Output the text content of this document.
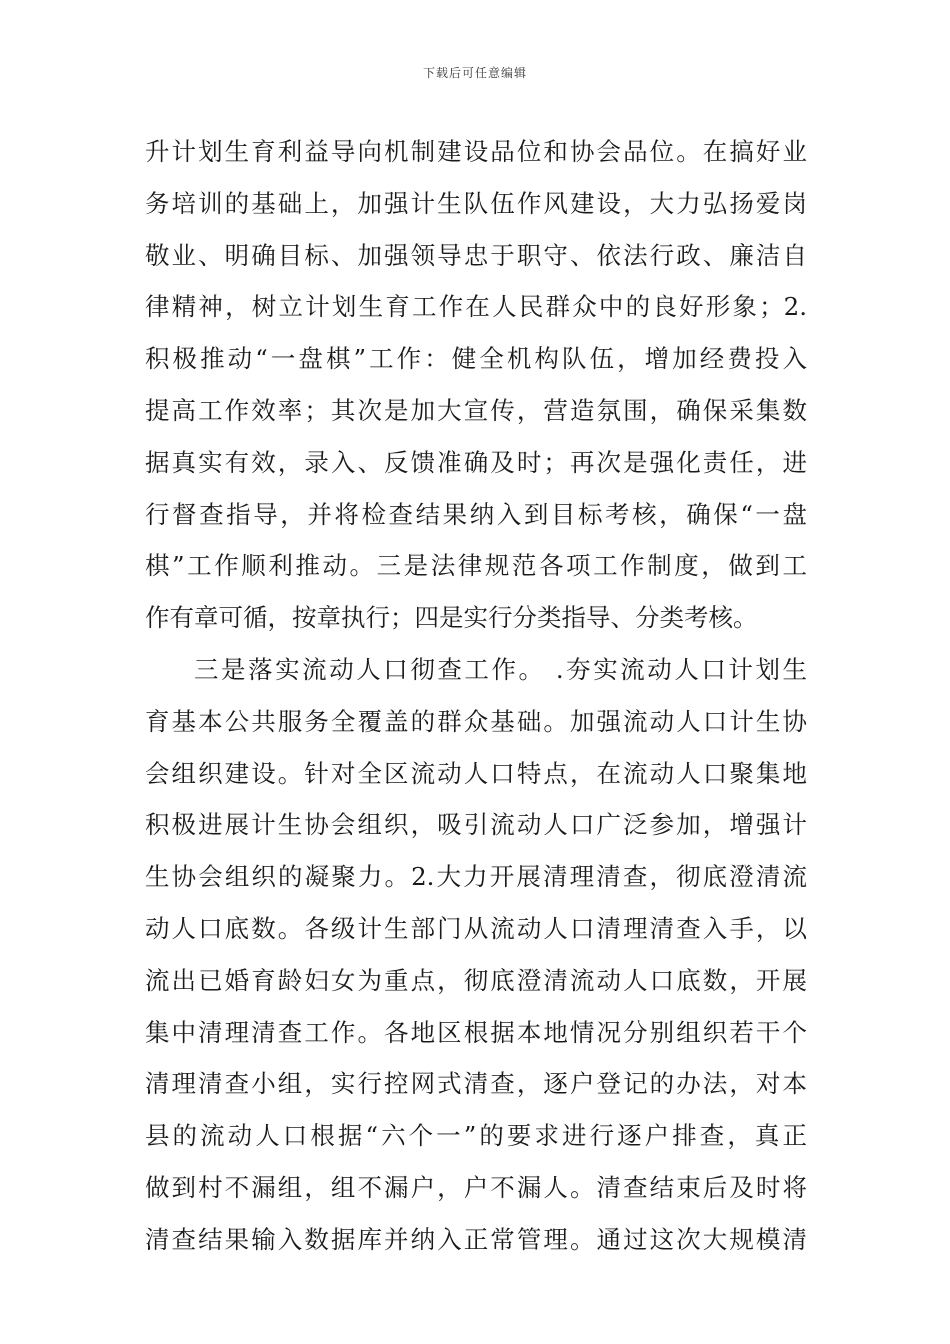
下载后可任意编辑
升计划生育利益导向机制建设品位和协会品位。在搞好业
务培训的基础上，加强计生队伍作风建设，大力弘扬爱岗
敬业、明确目标、加强领导忠于职守、依法行政、廉洁自
律精神，树立计划生育工作在人民群众中的良好形象；2.
积极推动“一盘棋”工作：健全机构队伍，增加经费投入
提高工作效率；其次是加大宣传，营造氛围，确保采集数
据真实有效，录入、反馈准确及时；再次是强化责任，进
行督查指导，并将检查结果纳入到目标考核，确保“一盘
棋”工作顺利推动。三是法律规范各项工作制度，做到工
作有章可循，按章执行；四是实行分类指导、分类考核。
三是落实流动人口彻查工作。 .夯实流动人口计划生
育基本公共服务全覆盖的群众基础。加强流动人口计生协
会组织建设。针对全区流动人口特点，在流动人口聚集地
积极进展计生协会组织，吸引流动人口广泛参加，增强计
生协会组织的凝聚力。2.大力开展清理清查，彻底澄清流
动人口底数。各级计生部门从流动人口清理清查入手，以
流出已婚育龄妇女为重点，彻底澄清流动人口底数，开展
集中清理清查工作。各地区根据本地情况分别组织若干个
清理清查小组，实行控网式清查，逐户登记的办法，对本
县的流动人口根据“六个一”的要求进行逐户排查，真正
做到村不漏组，组不漏户，户不漏人。清查结束后及时将
清查结果输入数据库并纳入正常管理。通过这次大规模清
